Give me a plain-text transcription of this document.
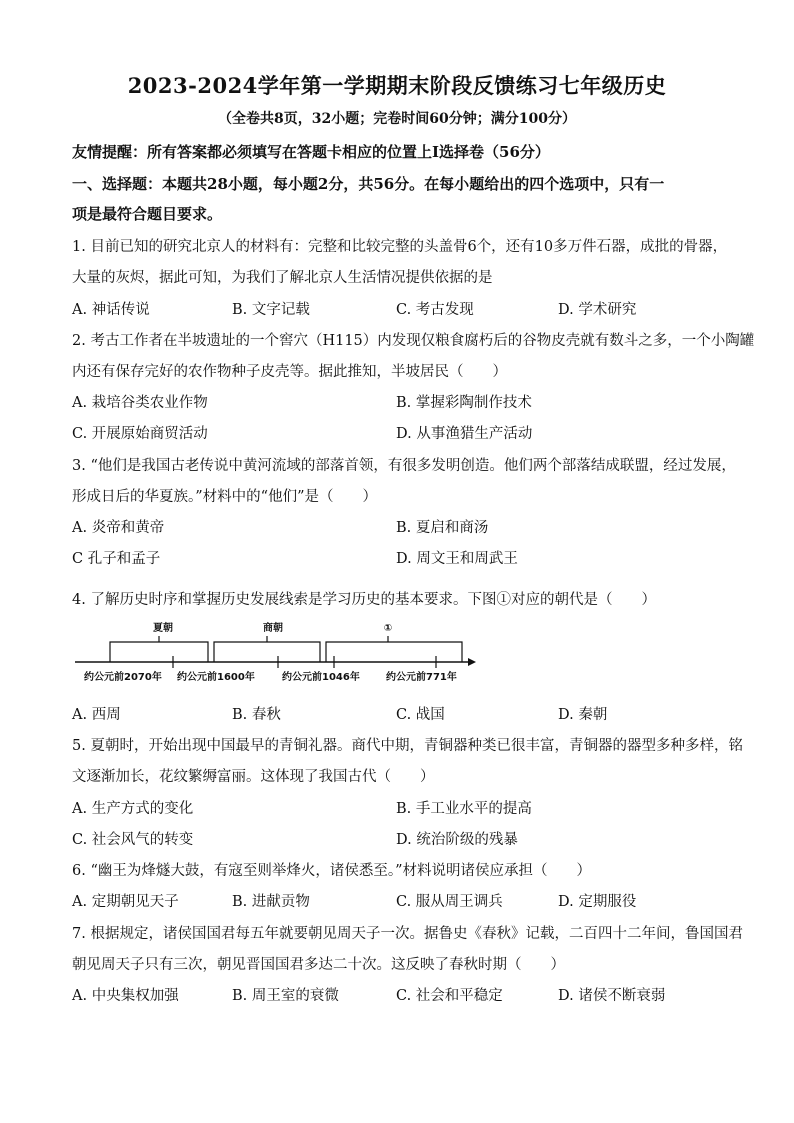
2023-2024学年第一学期期末阶段反馈练习七年级历史
（全卷共8页，32小题；完卷时间60分钟；满分100分）
友情提醒：所有答案都必须填写在答题卡相应的位置上Ⅰ选择卷（56分）
一、选择题：本题共28小题，每小题2分，共56分。在每小题给出的四个选项中，只有一
项是最符合题目要求。
1. 目前已知的研究北京人的材料有：完整和比较完整的头盖骨6个，还有10多万件石器，成批的骨器，
大量的灰烬，据此可知，为我们了解北京人生活情况提供依据的是
A. 神话传说	B. 文字记载	C. 考古发现	D. 学术研究
2. 考古工作者在半坡遗址的一个窖穴（H115）内发现仅粮食腐朽后的谷物皮壳就有数斗之多，一个小陶罐
内还有保存完好的农作物种子皮壳等。据此推知，半坡居民（　　）
A. 栽培谷类农业作物	B. 掌握彩陶制作技术
C. 开展原始商贸活动	D. 从事渔猎生产活动
3. “他们是我国古老传说中黄河流域的部落首领，有很多发明创造。他们两个部落结成联盟，经过发展，
形成日后的华夏族。”材料中的“他们”是（　　）
A. 炎帝和黄帝	B. 夏启和商汤
C 孔子和孟子	D. 周文王和周武王
4. 了解历史时序和掌握历史发展线索是学习历史的基本要求。下图①对应的朝代是（　　）
夏朝	商朝	①
约公元前2070年 约公元前1600年	约公元前1046年	约公元前771年
A. 西周	B. 春秋	C. 战国	D. 秦朝
5. 夏朝时，开始出现中国最早的青铜礼器。商代中期，青铜器种类已很丰富，青铜器的器型多种多样，铭
文逐渐加长，花纹繁缛富丽。这体现了我国古代（　　）
A. 生产方式的变化	B. 手工业水平的提高
C. 社会风气的转变	D. 统治阶级的残暴
6. “幽王为烽燧大鼓，有寇至则举烽火，诸侯悉至。”材料说明诸侯应承担（　　）
A. 定期朝见天子	B. 进献贡物	C. 服从周王调兵	D. 定期服役
7. 根据规定，诸侯国国君每五年就要朝见周天子一次。据鲁史《春秋》记载，二百四十二年间，鲁国国君
朝见周天子只有三次，朝见晋国国君多达二十次。这反映了春秋时期（　　）
A. 中央集权加强	B. 周王室的衰微	C. 社会和平稳定	D. 诸侯不断衰弱
